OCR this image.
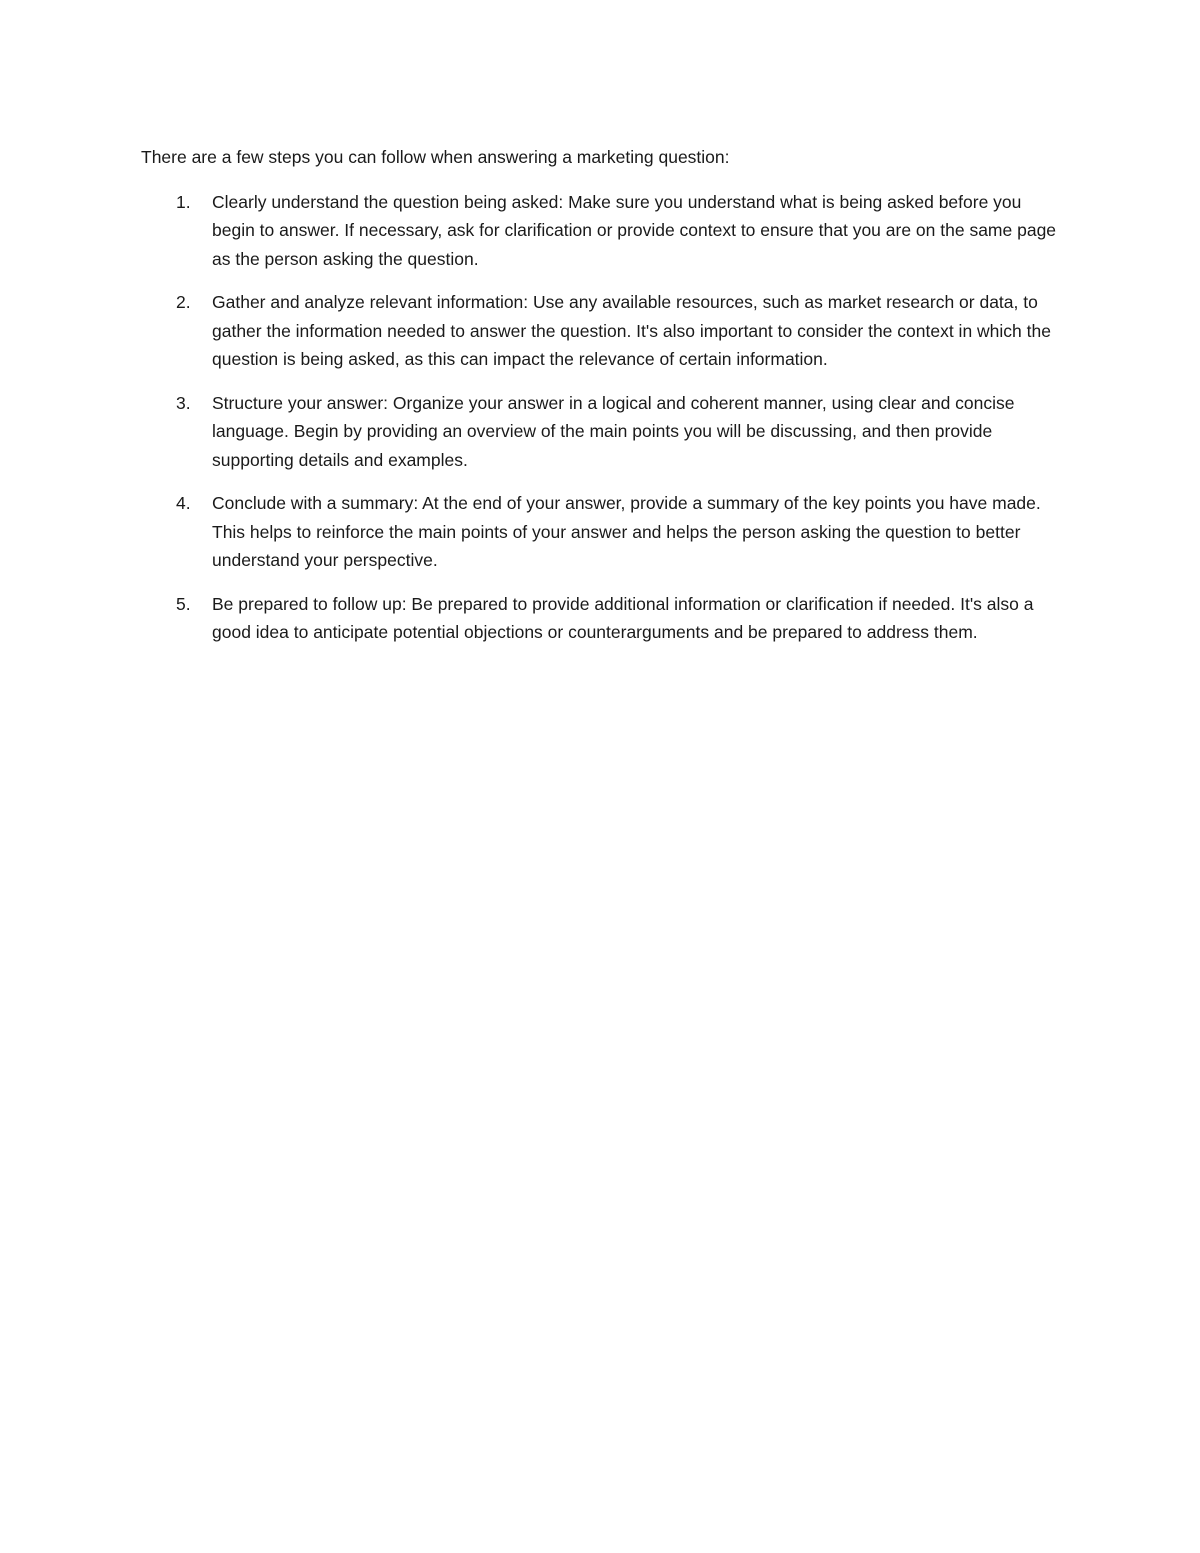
There are a few steps you can follow when answering a marketing question:

1. Clearly understand the question being asked: Make sure you understand what is being asked before you begin to answer. If necessary, ask for clarification or provide context to ensure that you are on the same page as the person asking the question.
2. Gather and analyze relevant information: Use any available resources, such as market research or data, to gather the information needed to answer the question. It's also important to consider the context in which the question is being asked, as this can impact the relevance of certain information.
3. Structure your answer: Organize your answer in a logical and coherent manner, using clear and concise language. Begin by providing an overview of the main points you will be discussing, and then provide supporting details and examples.
4. Conclude with a summary: At the end of your answer, provide a summary of the key points you have made. This helps to reinforce the main points of your answer and helps the person asking the question to better understand your perspective.
5. Be prepared to follow up: Be prepared to provide additional information or clarification if needed. It's also a good idea to anticipate potential objections or counterarguments and be prepared to address them.
